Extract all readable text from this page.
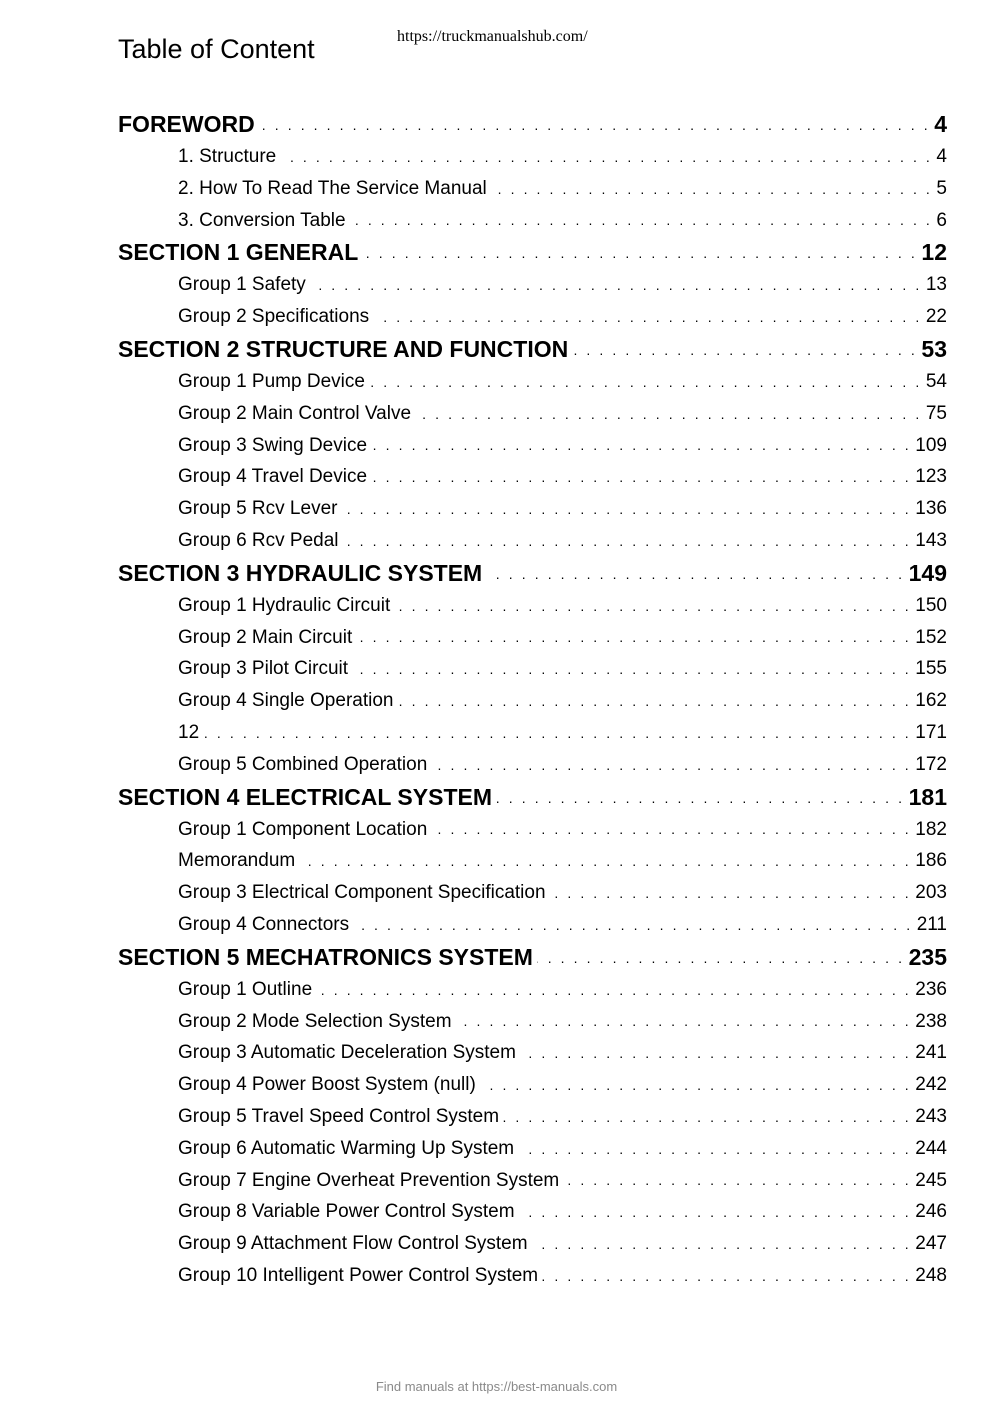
Table of Content	https://truckmanualshub.com/
FOREWORD . . .	4
1. Structure . . .	4
2. How To Read The Service Manual . . .	5
3. Conversion Table . . .	6
SECTION 1 GENERAL . . .	12
Group 1 Safety . . .	13
Group 2 Specifications . . .	22
SECTION 2 STRUCTURE AND FUNCTION . . .	53
Group 1 Pump Device . . .	54
Group 2 Main Control Valve . . .	75
Group 3 Swing Device . . .	109
Group 4 Travel Device . . .	123
Group 5 Rcv Lever . . .	136
Group 6 Rcv Pedal . . .	143
SECTION 3 HYDRAULIC SYSTEM . . .	149
Group 1 Hydraulic Circuit . . .	150
Group 2 Main Circuit . . .	152
Group 3 Pilot Circuit . . .	155
Group 4 Single Operation . . .	162
12 . . .	171
Group 5 Combined Operation . . .	172
SECTION 4 ELECTRICAL SYSTEM . . .	181
Group 1 Component Location . . .	182
Memorandum . . .	186
Group 3 Electrical Component Specification . . .	203
Group 4 Connectors . . .	211
SECTION 5 MECHATRONICS SYSTEM . . .	235
Group 1 Outline . . .	236
Group 2 Mode Selection System . . .	238
Group 3 Automatic Deceleration System . . .	241
Group 4 Power Boost System (null) . . .	242
Group 5 Travel Speed Control System . . .	243
Group 6 Automatic Warming Up System . . .	244
Group 7 Engine Overheat Prevention System . . .	245
Group 8 Variable Power Control System . . .	246
Group 9 Attachment Flow Control System . . .	247
Group 10 Intelligent Power Control System . . .	248
Find manuals at https://best-manuals.com
